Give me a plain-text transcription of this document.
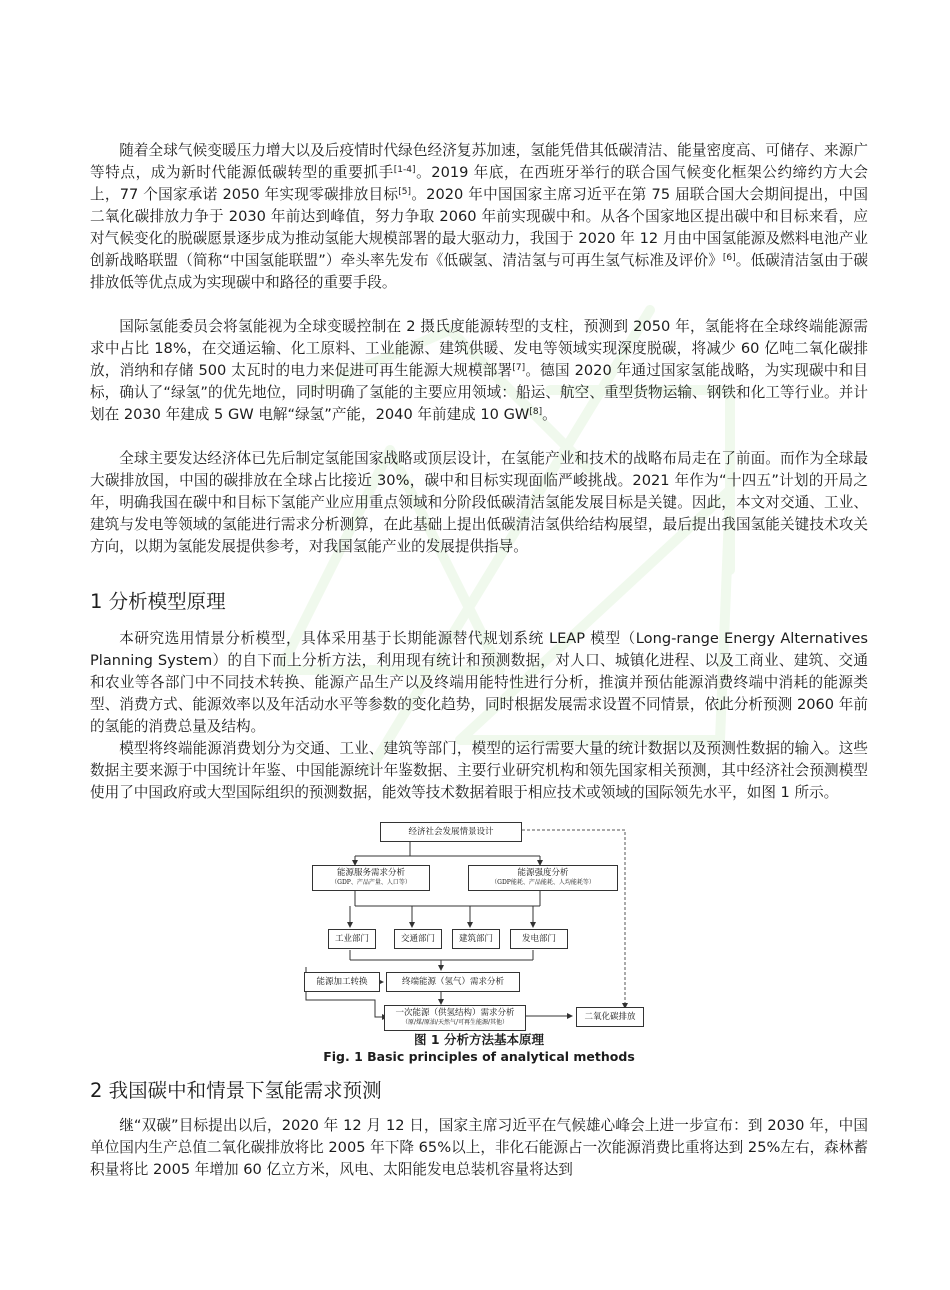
随着全球气候变暖压力增大以及后疫情时代绿色经济复苏加速，氢能凭借其低碳清洁、能量密度高、可储存、来源广等特点，成为新时代能源低碳转型的重要抓手[1-4]。2019 年底，在西班牙举行的联合国气候变化框架公约缔约方大会上，77 个国家承诺 2050 年实现零碳排放目标[5]。2020 年中国国家主席习近平在第 75 届联合国大会期间提出，中国二氧化碳排放力争于 2030 年前达到峰值，努力争取 2060 年前实现碳中和。从各个国家地区提出碳中和目标来看，应对气候变化的脱碳愿景逐步成为推动氢能大规模部署的最大驱动力，我国于 2020 年 12 月由中国氢能源及燃料电池产业创新战略联盟（简称“中国氢能联盟”）牵头率先发布《低碳氢、清洁氢与可再生氢气标准及评价》[6]。低碳清洁氢由于碳排放低等优点成为实现碳中和路径的重要手段。

国际氢能委员会将氢能视为全球变暖控制在 2 摄氏度能源转型的支柱，预测到 2050 年，氢能将在全球终端能源需求中占比 18%，在交通运输、化工原料、工业能源、建筑供暖、发电等领域实现深度脱碳，将减少 60 亿吨二氧化碳排放，消纳和存储 500 太瓦时的电力来促进可再生能源大规模部署[7]。德国 2020 年通过国家氢能战略，为实现碳中和目标，确认了“绿氢”的优先地位，同时明确了氢能的主要应用领域：船运、航空、重型货物运输、钢铁和化工等行业。并计划在 2030 年建成 5 GW 电解“绿氢”产能，2040 年前建成 10 GW[8]。

全球主要发达经济体已先后制定氢能国家战略或顶层设计，在氢能产业和技术的战略布局走在了前面。而作为全球最大碳排放国，中国的碳排放在全球占比接近 30%，碳中和目标实现面临严峻挑战。2021 年作为“十四五”计划的开局之年，明确我国在碳中和目标下氢能产业应用重点领域和分阶段低碳清洁氢能发展目标是关键。因此，本文对交通、工业、建筑与发电等领域的氢能进行需求分析测算，在此基础上提出低碳清洁氢供给结构展望，最后提出我国氢能关键技术攻关方向，以期为氢能发展提供参考，对我国氢能产业的发展提供指导。

1 分析模型原理

本研究选用情景分析模型，具体采用基于长期能源替代规划系统 LEAP 模型（Long-range Energy Alternatives Planning System）的自下而上分析方法，利用现有统计和预测数据，对人口、城镇化进程、以及工商业、建筑、交通和农业等各部门中不同技术转换、能源产品生产以及终端用能特性进行分析，推演并预估能源消费终端中消耗的能源类型、消费方式、能源效率以及年活动水平等参数的变化趋势，同时根据发展需求设置不同情景，依此分析预测 2060 年前的氢能的消费总量及结构。

模型将终端能源消费划分为交通、工业、建筑等部门，模型的运行需要大量的统计数据以及预测性数据的输入。这些数据主要来源于中国统计年鉴、中国能源统计年鉴数据、主要行业研究机构和领先国家相关预测，其中经济社会预测模型使用了中国政府或大型国际组织的预测数据，能效等技术数据着眼于相应技术或领域的国际领先水平，如图 1 所示。

经济社会发展情景设计
能源服务需求分析
（GDP、产品产量、人口等）
能源强度分析
（GDP能耗、产品能耗、人均能耗等）
工业部门	交通部门	建筑部门	发电部门
能源加工转换	终端能源（氢气）需求分析
一次能源（供氢结构）需求分析
（原/煤/原油/天然气/可再生能源/其他）
二氧化碳排放

图 1 分析方法基本原理

Fig. 1 Basic principles of analytical methods

2 我国碳中和情景下氢能需求预测

继“双碳”目标提出以后，2020 年 12 月 12 日，国家主席习近平在气候雄心峰会上进一步宣布：到 2030 年，中国单位国内生产总值二氧化碳排放将比 2005 年下降 65%以上，非化石能源占一次能源消费比重将达到 25%左右，森林蓄积量将比 2005 年增加 60 亿立方米，风电、太阳能发电总装机容量将达到
